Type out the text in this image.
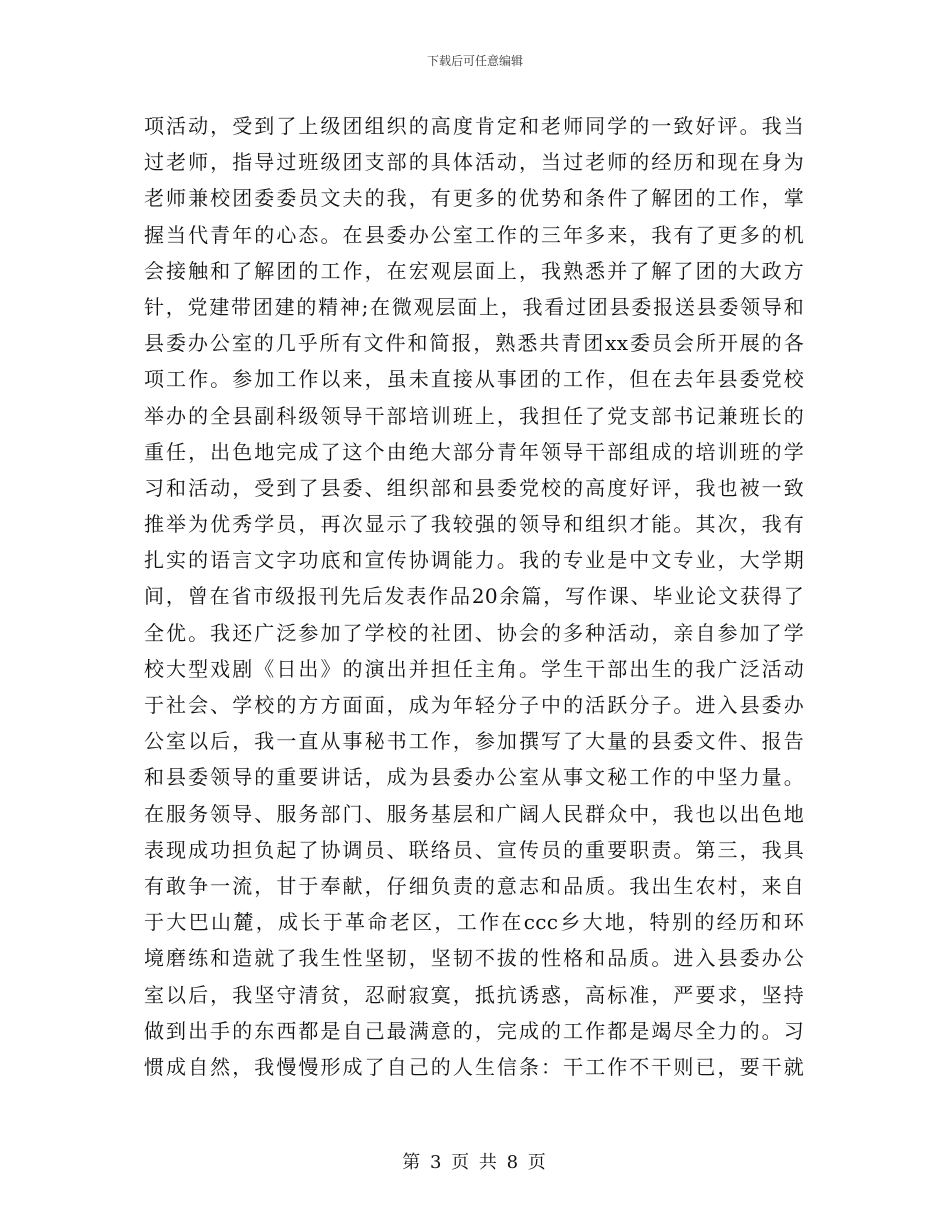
下载后可任意编辑
项活动，受到了上级团组织的高度肯定和老师同学的一致好评。我当
过老师，指导过班级团支部的具体活动，当过老师的经历和现在身为
老师兼校团委委员文夫的我，有更多的优势和条件了解团的工作，掌
握当代青年的心态。在县委办公室工作的三年多来，我有了更多的机
会接触和了解团的工作，在宏观层面上，我熟悉并了解了团的大政方
针，党建带团建的精神;在微观层面上，我看过团县委报送县委领导和
县委办公室的几乎所有文件和简报，熟悉共青团xx委员会所开展的各
项工作。参加工作以来，虽未直接从事团的工作，但在去年县委党校
举办的全县副科级领导干部培训班上，我担任了党支部书记兼班长的
重任，出色地完成了这个由绝大部分青年领导干部组成的培训班的学
习和活动，受到了县委、组织部和县委党校的高度好评，我也被一致
推举为优秀学员，再次显示了我较强的领导和组织才能。其次，我有
扎实的语言文字功底和宣传协调能力。我的专业是中文专业，大学期
间，曾在省市级报刊先后发表作品20余篇，写作课、毕业论文获得了
全优。我还广泛参加了学校的社团、协会的多种活动，亲自参加了学
校大型戏剧《日出》的演出并担任主角。学生干部出生的我广泛活动
于社会、学校的方方面面，成为年轻分子中的活跃分子。进入县委办
公室以后，我一直从事秘书工作，参加撰写了大量的县委文件、报告
和县委领导的重要讲话，成为县委办公室从事文秘工作的中坚力量。
在服务领导、服务部门、服务基层和广阔人民群众中，我也以出色地
表现成功担负起了协调员、联络员、宣传员的重要职责。第三，我具
有敢争一流，甘于奉献，仔细负责的意志和品质。我出生农村，来自
于大巴山麓，成长于革命老区，工作在ccc乡大地，特别的经历和环
境磨练和造就了我生性坚韧，坚韧不拔的性格和品质。进入县委办公
室以后，我坚守清贫，忍耐寂寞，抵抗诱惑，高标准，严要求，坚持
做到出手的东西都是自己最满意的，完成的工作都是竭尽全力的。习
惯成自然，我慢慢形成了自己的人生信条：干工作不干则已，要干就
第 3 页 共 8 页
